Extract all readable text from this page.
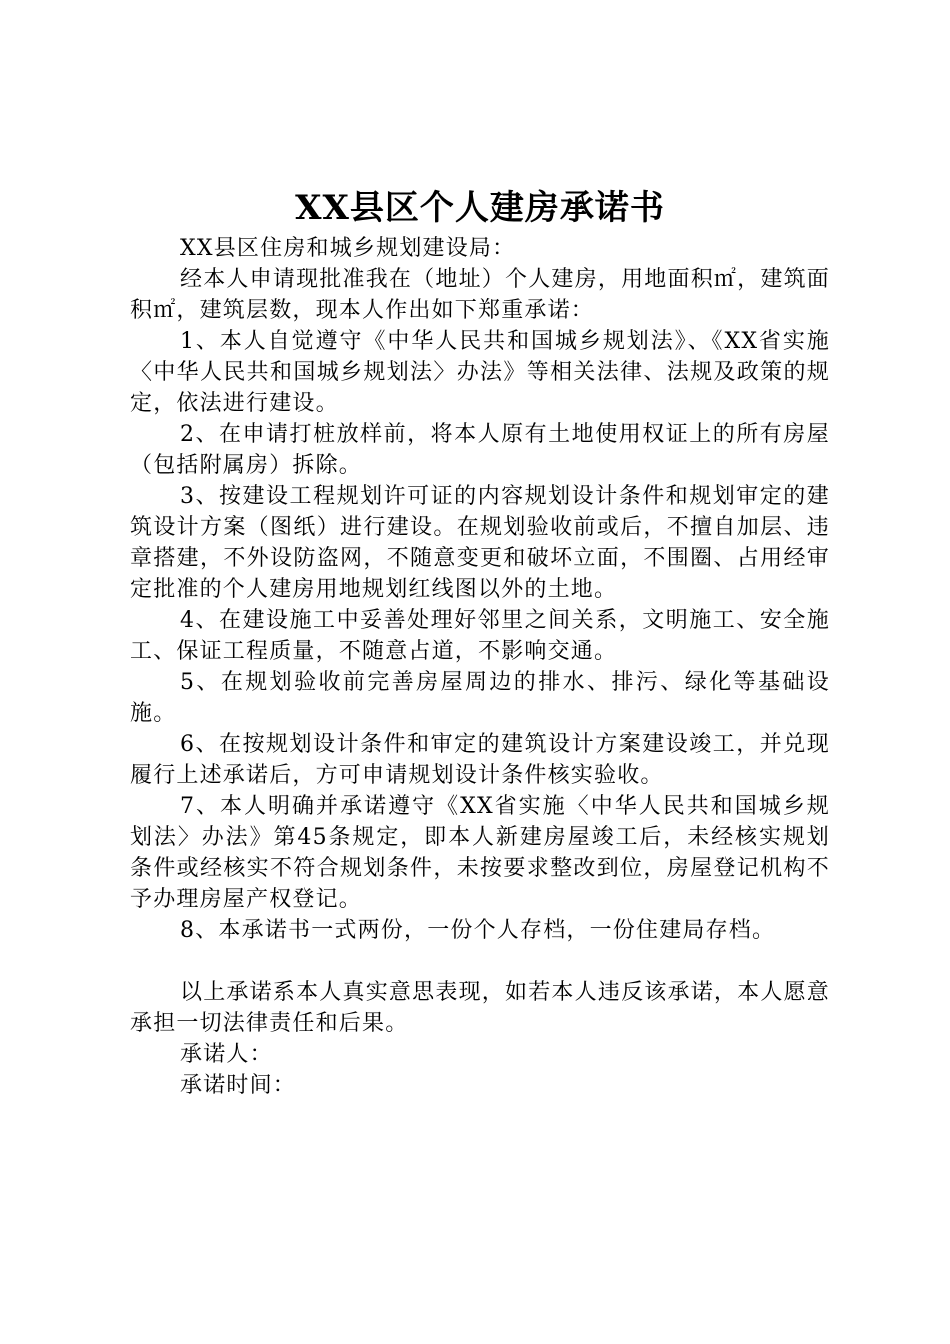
XX县区个人建房承诺书

XX县区住房和城乡规划建设局：

经本人申请现批准我在（地址）个人建房，用地面积㎡，建筑面积㎡，建筑层数，现本人作出如下郑重承诺：

1、本人自觉遵守《中华人民共和国城乡规划法》、《XX省实施〈中华人民共和国城乡规划法〉办法》等相关法律、法规及政策的规定，依法进行建设。

2、在申请打桩放样前，将本人原有土地使用权证上的所有房屋（包括附属房）拆除。

3、按建设工程规划许可证的内容规划设计条件和规划审定的建筑设计方案（图纸）进行建设。在规划验收前或后，不擅自加层、违章搭建，不外设防盗网，不随意变更和破坏立面，不围圈、占用经审定批准的个人建房用地规划红线图以外的土地。

4、在建设施工中妥善处理好邻里之间关系，文明施工、安全施工、保证工程质量，不随意占道，不影响交通。

5、在规划验收前完善房屋周边的排水、排污、绿化等基础设施。

6、在按规划设计条件和审定的建筑设计方案建设竣工，并兑现履行上述承诺后，方可申请规划设计条件核实验收。

7、本人明确并承诺遵守《XX省实施〈中华人民共和国城乡规划法〉办法》第45条规定，即本人新建房屋竣工后，未经核实规划条件或经核实不符合规划条件，未按要求整改到位，房屋登记机构不予办理房屋产权登记。

8、本承诺书一式两份，一份个人存档，一份住建局存档。

以上承诺系本人真实意思表现，如若本人违反该承诺，本人愿意承担一切法律责任和后果。

承诺人：

承诺时间：
